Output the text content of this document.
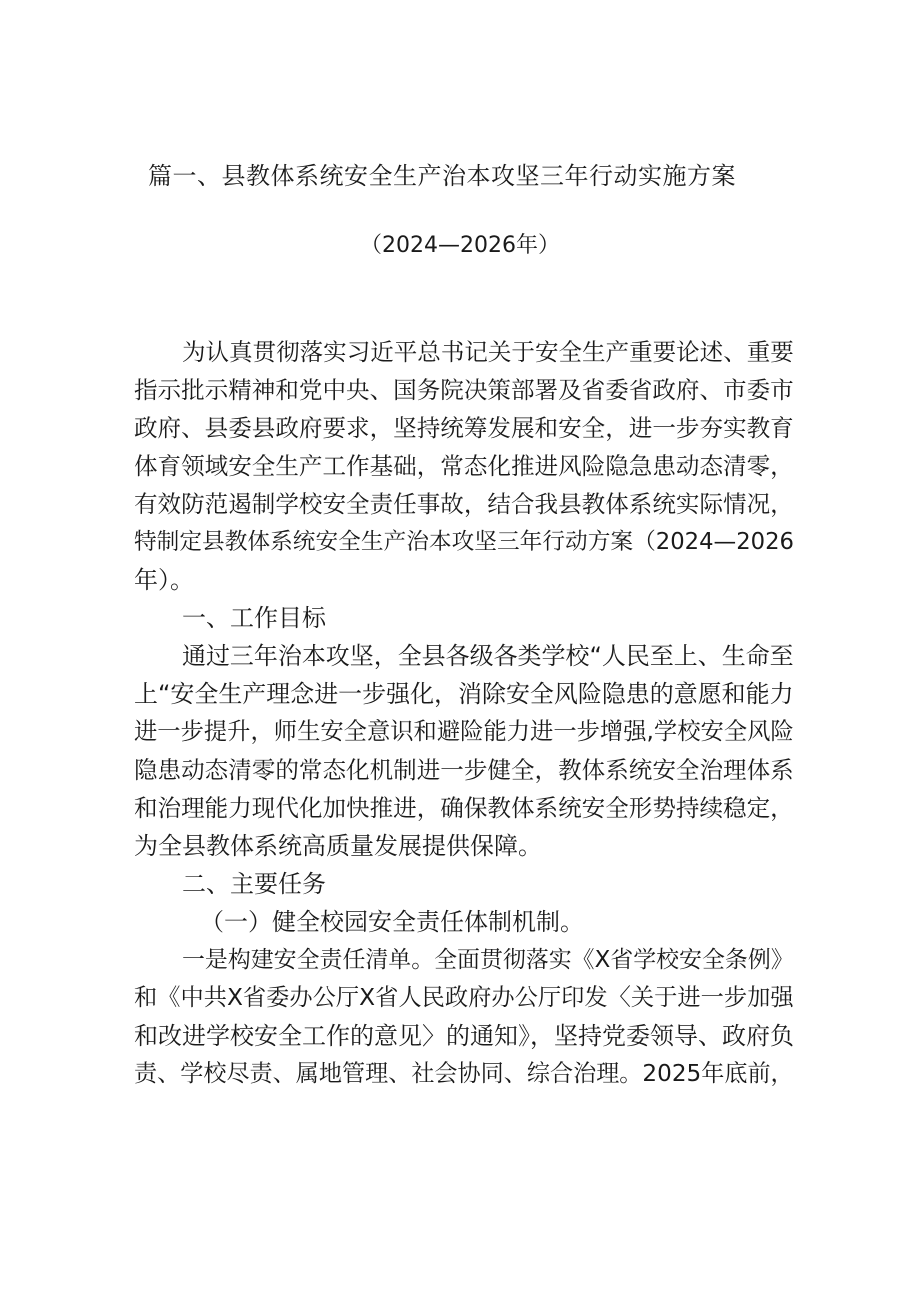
篇一、县教体系统安全生产治本攻坚三年行动实施方案
（2024—2026年）
为认真贯彻落实习近平总书记关于安全生产重要论述、重要
指示批示精神和党中央、国务院决策部署及省委省政府、市委市
政府、县委县政府要求，坚持统筹发展和安全，进一步夯实教育
体育领域安全生产工作基础，常态化推进风险隐急患动态清零，
有效防范遏制学校安全责任事故，结合我县教体系统实际情况，
特制定县教体系统安全生产治本攻坚三年行动方案（2024—2026
年）。
一、工作目标
通过三年治本攻坚，全县各级各类学校“人民至上、生命至
上“安全生产理念进一步强化，消除安全风险隐患的意愿和能力
进一步提升，师生安全意识和避险能力进一步增强,学校安全风险
隐患动态清零的常态化机制进一步健全，教体系统安全治理体系
和治理能力现代化加快推进，确保教体系统安全形势持续稳定，
为全县教体系统高质量发展提供保障。
二、主要任务
（一）健全校园安全责任体制机制。
一是构建安全责任清单。全面贯彻落实《X省学校安全条例》
和《中共X省委办公厅X省人民政府办公厅印发〈关于进一步加强
和改进学校安全工作的意见〉的通知》，坚持党委领导、政府负
责、学校尽责、属地管理、社会协同、综合治理。2025年底前，
